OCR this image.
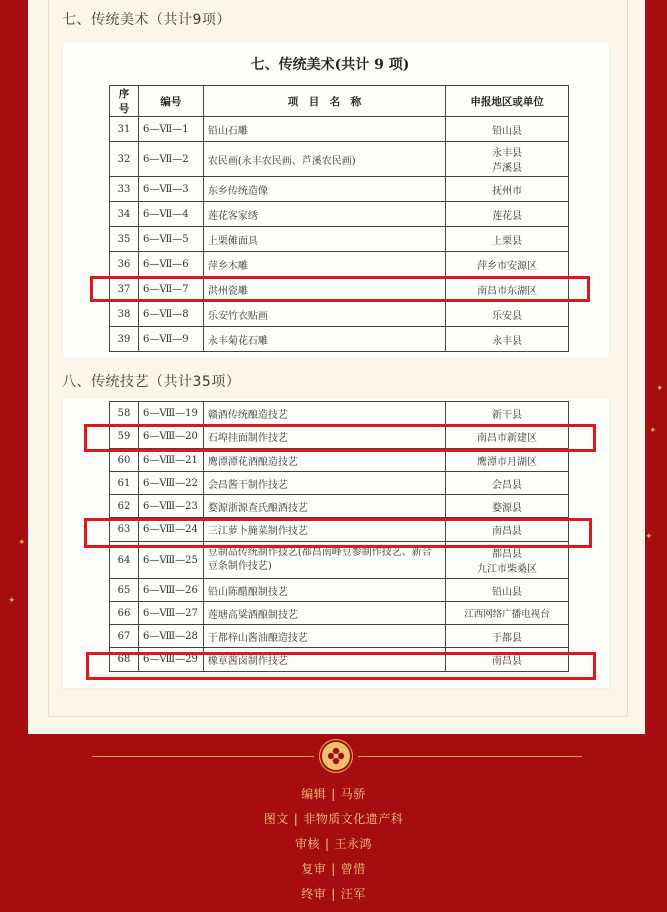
七、传统美术（共计9项）
七、传统美术(共计 9 项)
序号	编号	项　目　名　称	申报地区或单位
31	6—Ⅶ—1	铅山石雕	铅山县
32	6—Ⅶ—2	农民画(永丰农民画、芦溪农民画)	永丰县
芦溪县

33	6—Ⅶ—3	东乡传统造像	抚州市
34	6—Ⅶ—4	莲花客家绣	莲花县
35	6—Ⅶ—5	上栗傩面具	上栗县
36	6—Ⅶ—6	萍乡木雕	萍乡市安源区
37	6—Ⅶ—7	洪州瓷雕	南昌市东湖区
38	6—Ⅶ—8	乐安竹衣贴画	乐安县
39	6—Ⅶ—9	永丰菊花石雕	永丰县
八、传统技艺（共计35项）
58	6—Ⅷ—19	赣酒传统酿造技艺	新干县
59	6—Ⅷ—20	石埠挂面制作技艺	南昌市新建区
60	6—Ⅷ—21	鹰潭潭花酒酿造技艺	鹰潭市月湖区
61	6—Ⅷ—22	会昌酱干制作技艺	会昌县
62	6—Ⅷ—23	婺源浙源查氏酿酒技艺	婺源县
63	6—Ⅷ—24	三江萝卜腌菜制作技艺	南昌县
64	6—Ⅷ—25	豆制品传统制作技艺(都昌南峰豆参制作技艺、新合豆条制作技艺)	都昌县
九江市柴桑区

65	6—Ⅷ—26	铅山陈醋酿制技艺	铅山县
66	6—Ⅷ—27	莲塘高粱酒酿制技艺	江西网络广播电视台
67	6—Ⅷ—28	于都梓山酱油酿造技艺	于都县
68	6—Ⅷ—29	橡章酱卤制作技艺	南昌县
✦
✦
✦
✦
✦
编辑 | 马骄
图文 | 非物质文化遗产科
审核 | 王永鸿
复审 | 曾惜
终审 | 汪军
